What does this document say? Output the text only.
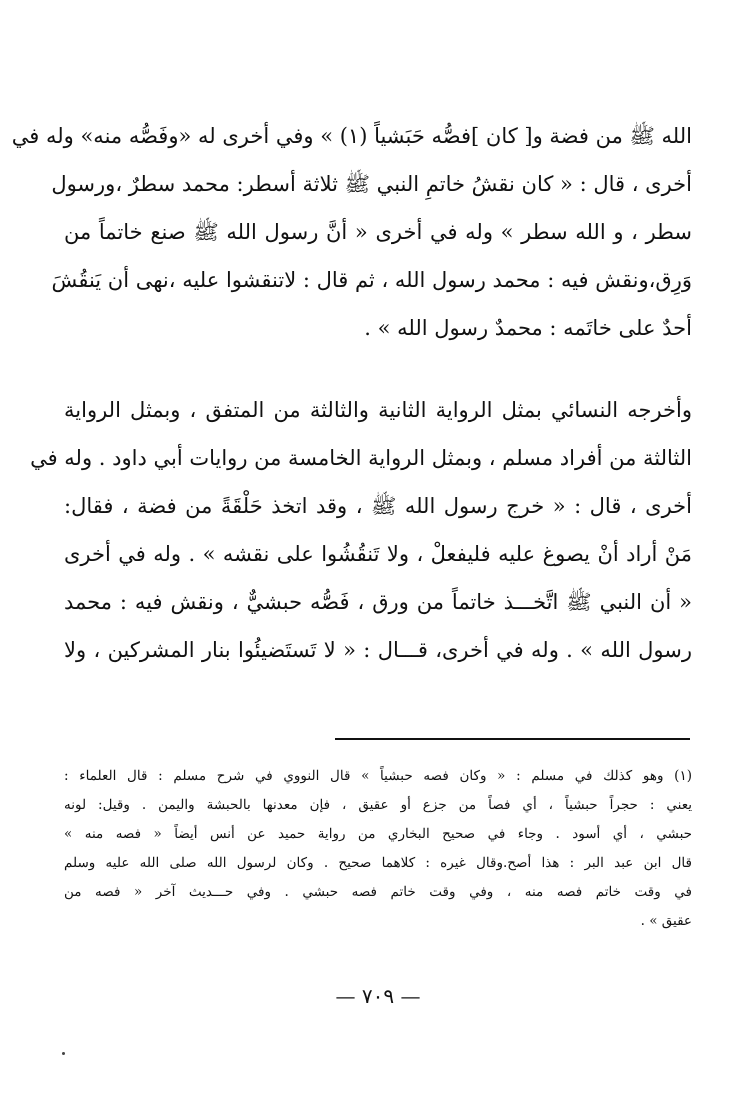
الله ﷺ من فضة و[ كان ]فصُّه حَبَشياً (١) » وفي أخرى له «وفَصُّه منه» وله في
أخرى ، قال : « كان نقشُ خاتمِ النبي ﷺ ثلاثة أسطر: محمد سطرٌ ،ورسول
سطر ، و الله سطر » وله في أخرى « أنَّ رسول الله ﷺ صنع خاتماً من
وَرِق،ونقش فيه : محمد رسول الله ، ثم قال : لاتنقشوا عليه ،نهى أن يَنقُشَ
أحدٌ على خاتَمه : محمدٌ رسول الله » .
وأخرجه النسائي بمثل الرواية الثانية والثالثة من المتفق ، وبمثل الرواية
الثالثة من أفراد مسلم ، وبمثل الرواية الخامسة من روايات أبي داود . وله في
أخرى ، قال : « خرج رسول الله ﷺ ، وقد اتخذ حَلْقَةً من فضة ، فقال:
مَنْ أراد أنْ يصوغ عليه فليفعلْ ، ولا تَنقُشُوا على نقشه » . وله في أخرى
« أن النبي ﷺ اتَّخـــذ خاتماً من ورق ، فَصُّه حبشيٌّ ، ونقش فيه : محمد
رسول الله » . وله في أخرى، قـــال : « لا تَستَضيئُوا بنار المشركين ، ولا
(١) وهو كذلك في مسلم : « وكان فصه حبشياً » قال النووي في شرح مسلم : قال العلماء :
يعني : حجراً حبشياً ، أي فصاً من جزع أو عقيق ، فإن معدنها بالحبشة واليمن . وقيل: لونه
حبشي ، أي أسود . وجاء في صحيح البخاري من رواية حميد عن أنس أيضاً « فصه منه »
قال ابن عبد البر : هذا أصح.وقال غيره : كلاهما صحيح . وكان لرسول الله صلى الله عليه وسلم
في وقت خاتم فصه منه ، وفي وقت خاتم فصه حبشي . وفي حـــديث آخر « فصه من
عقيق » .
— ٧٠٩ —
